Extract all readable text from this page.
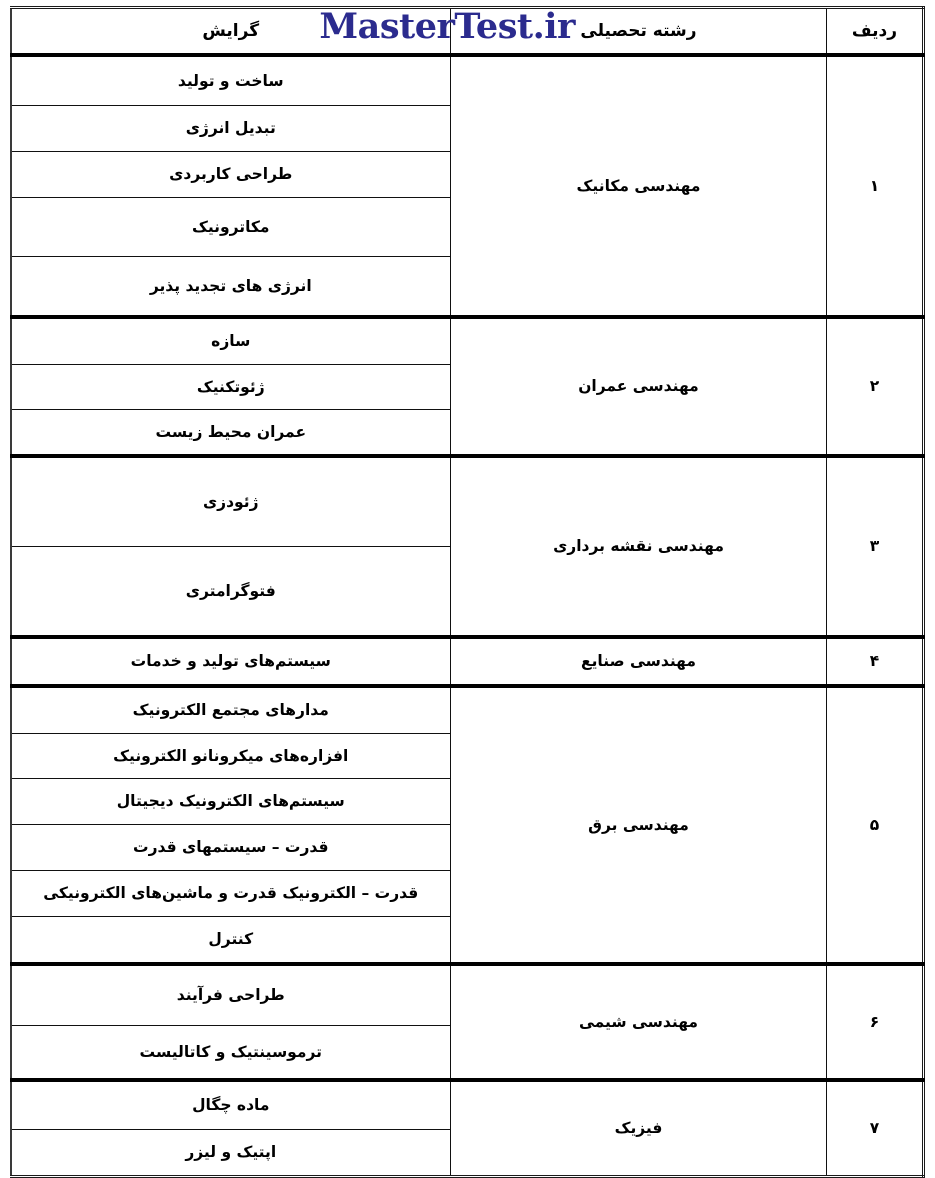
MasterTest.ir	ردیف	رشته تحصیلی	گرایش
۱	مهندسی مکانیک	ساخت و تولید
		تبدیل انرژی
		طراحی کاربردی
		مکاترونیک
		انرژی های تجدید پذیر
۲	مهندسی عمران	سازه
		ژئوتکنیک
		عمران محیط زیست
۳	مهندسی نقشه برداری	ژئودزی
		فتوگرامتری
۴	مهندسی صنایع	سیستم‌های تولید و خدمات
۵	مهندسی برق	مدارهای مجتمع الکترونیک
		افزاره‌های میکرونانو الکترونیک
		سیستم‌های الکترونیک دیجیتال
		قدرت – سیستمهای قدرت
		قدرت – الکترونیک قدرت و ماشین‌های الکترونیکی
		کنترل
۶	مهندسی شیمی	طراحی فرآیند
		ترموسینتیک و کاتالیست
۷	فیزیک	ماده چگال
		اپتیک و لیزر
